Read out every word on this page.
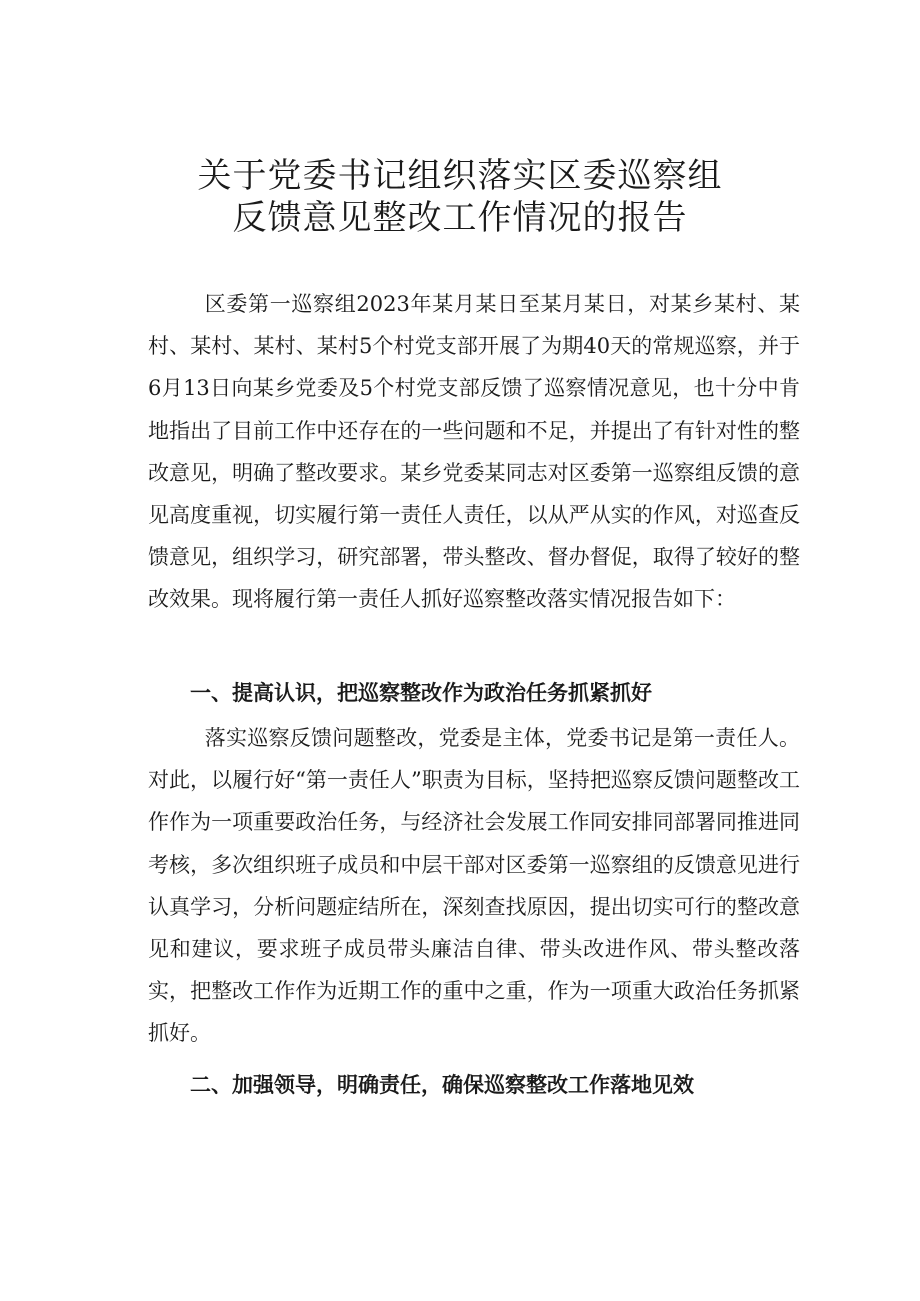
关于党委书记组织落实区委巡察组
反馈意见整改工作情况的报告

区委第一巡察组2023年某月某日至某月某日，对某乡某村、某村、某村、某村、某村5个村党支部开展了为期40天的常规巡察，并于6月13日向某乡党委及5个村党支部反馈了巡察情况意见，也十分中肯地指出了目前工作中还存在的一些问题和不足，并提出了有针对性的整改意见，明确了整改要求。某乡党委某同志对区委第一巡察组反馈的意见高度重视，切实履行第一责任人责任，以从严从实的作风，对巡查反馈意见，组织学习，研究部署，带头整改、督办督促，取得了较好的整改效果。现将履行第一责任人抓好巡察整改落实情况报告如下：

一、提高认识，把巡察整改作为政治任务抓紧抓好

落实巡察反馈问题整改，党委是主体，党委书记是第一责任人。对此，以履行好“第一责任人”职责为目标，坚持把巡察反馈问题整改工作作为一项重要政治任务，与经济社会发展工作同安排同部署同推进同考核，多次组织班子成员和中层干部对区委第一巡察组的反馈意见进行认真学习，分析问题症结所在，深刻查找原因，提出切实可行的整改意见和建议，要求班子成员带头廉洁自律、带头改进作风、带头整改落实，把整改工作作为近期工作的重中之重，作为一项重大政治任务抓紧抓好。

二、加强领导，明确责任，确保巡察整改工作落地见效
